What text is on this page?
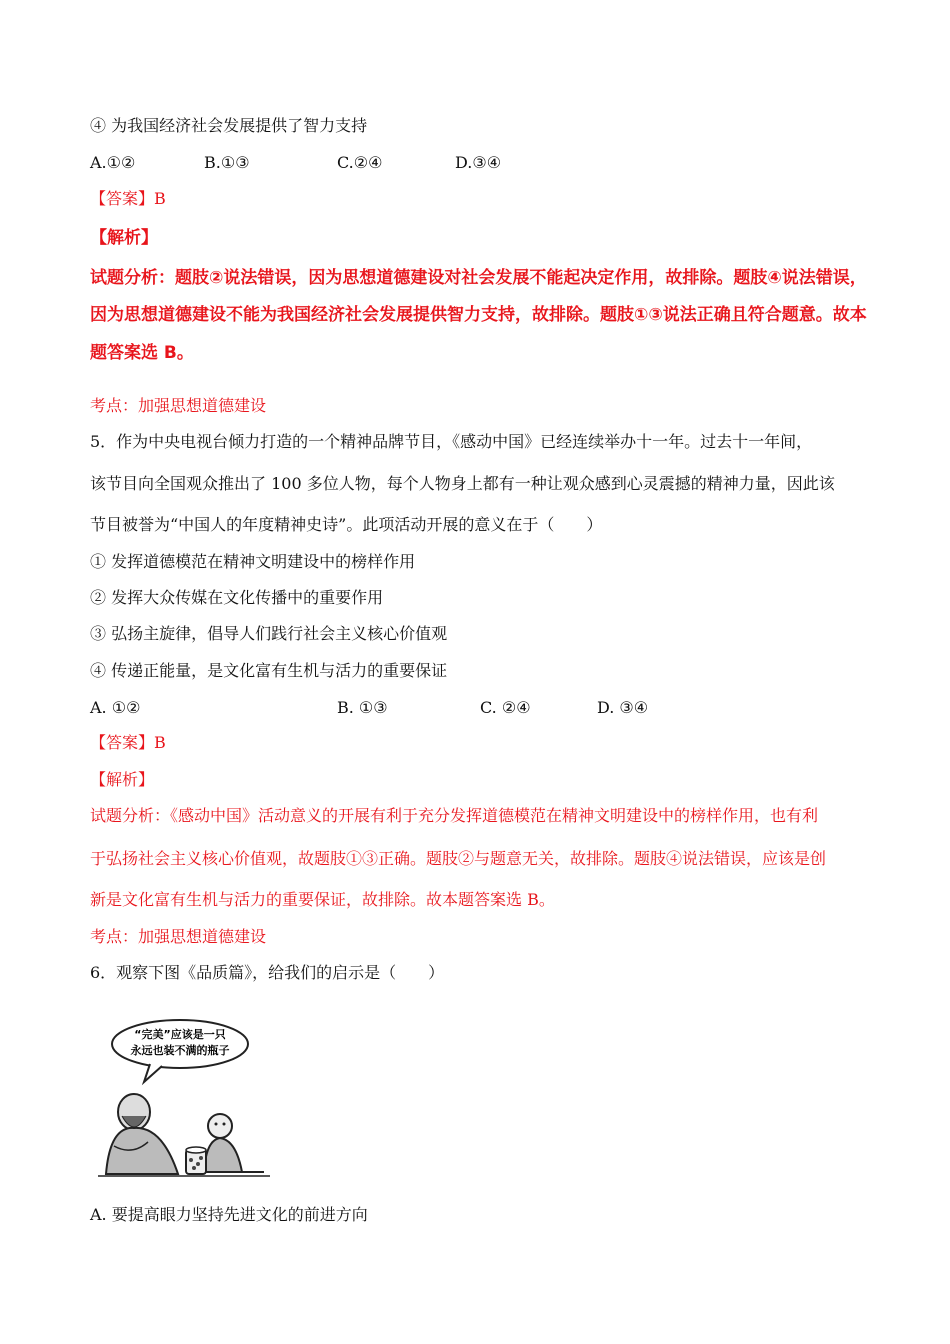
④ 为我国经济社会发展提供了智力支持
A.①②	B.①③	C.②④	D.③④
【答案】B
【解析】
试题分析：题肢②说法错误，因为思想道德建设对社会发展不能起决定作用，故排除。题肢④说法错误，
因为思想道德建设不能为我国经济社会发展提供智力支持，故排除。题肢①③说法正确且符合题意。故本
题答案选 B。
考点：加强思想道德建设
5．作为中央电视台倾力打造的一个精神品牌节目，《感动中国》已经连续举办十一年。过去十一年间，
该节目向全国观众推出了 100 多位人物，每个人物身上都有一种让观众感到心灵震撼的精神力量，因此该
节目被誉为“中国人的年度精神史诗”。此项活动开展的意义在于（　　）
① 发挥道德模范在精神文明建设中的榜样作用
② 发挥大众传媒在文化传播中的重要作用
③ 弘扬主旋律，倡导人们践行社会主义核心价值观
④ 传递正能量，是文化富有生机与活力的重要保证
A. ①②	B. ①③	C. ②④	D. ③④
【答案】B
【解析】
试题分析：《感动中国》活动意义的开展有利于充分发挥道德模范在精神文明建设中的榜样作用，也有利
于弘扬社会主义核心价值观，故题肢①③正确。题肢②与题意无关，故排除。题肢④说法错误，应该是创
新是文化富有生机与活力的重要保证，故排除。故本题答案选 B。
考点：加强思想道德建设
6．观察下图《品质篇》，给我们的启示是（　　）
“完美”应该是一只
永远也装不满的瓶子
A. 要提高眼力坚持先进文化的前进方向
